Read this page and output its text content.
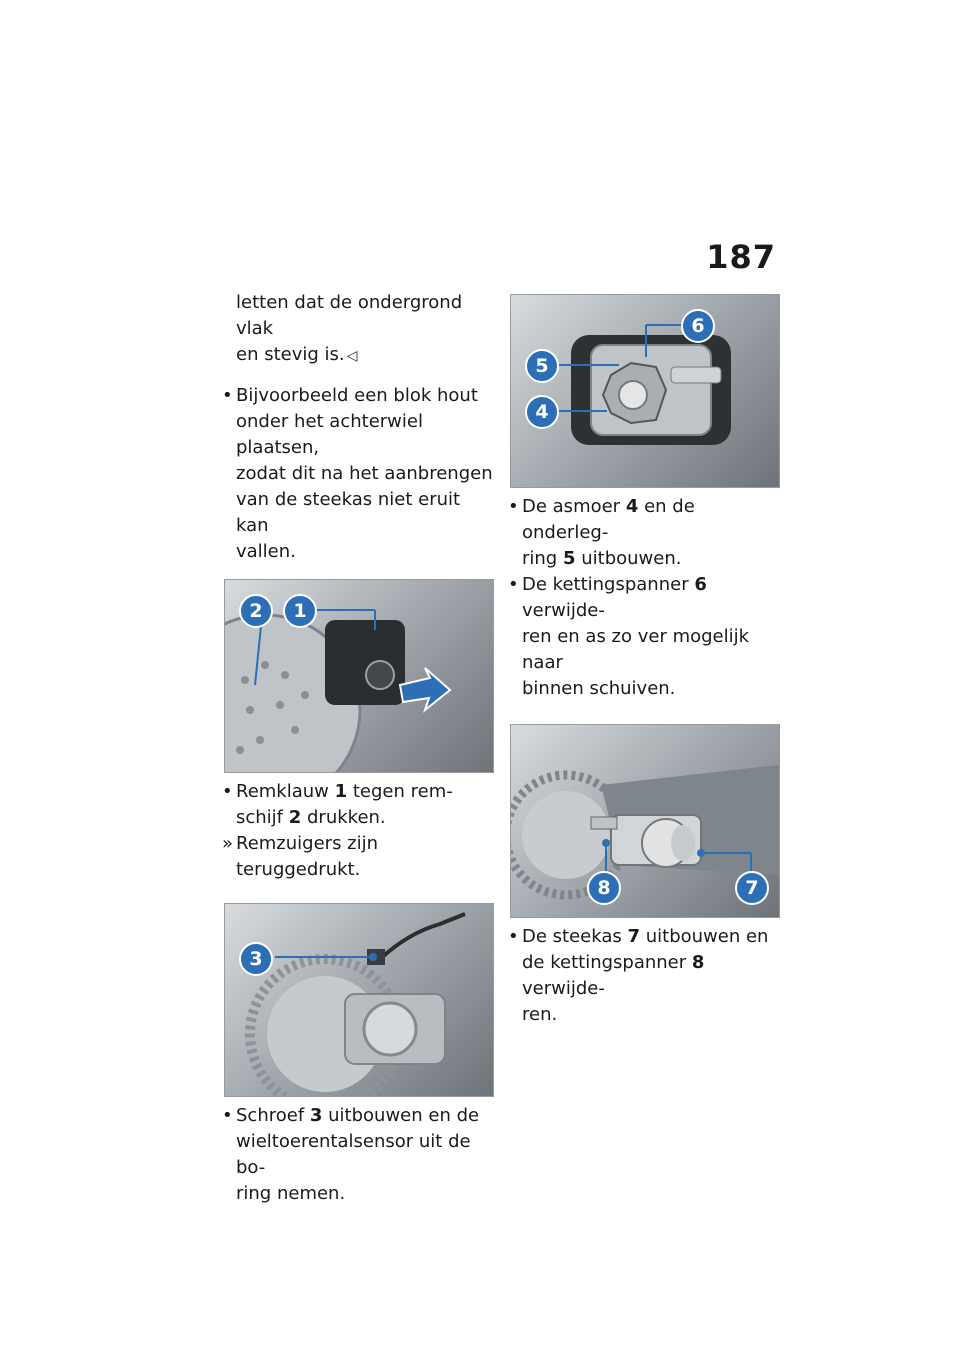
187

letten dat de ondergrond vlak
en stevig is. ◁

• Bijvoorbeeld een blok hout
onder het achterwiel plaatsen,
zodat dit na het aanbrengen
van de steekas niet eruit kan
vallen.

2	1

• Remklauw 1 tegen rem-
schijf 2 drukken.

» Remzuigers zijn teruggedrukt.

3

• Schroef 3 uitbouwen en de
wieltoerentalsensor uit de bo-
ring nemen.

6
5
4

• De asmoer 4 en de onderleg-
ring 5 uitbouwen.

• De kettingspanner 6 verwijde-
ren en as zo ver mogelijk naar
binnen schuiven.

8	7

• De steekas 7 uitbouwen en
de kettingspanner 8 verwijde-
ren.
